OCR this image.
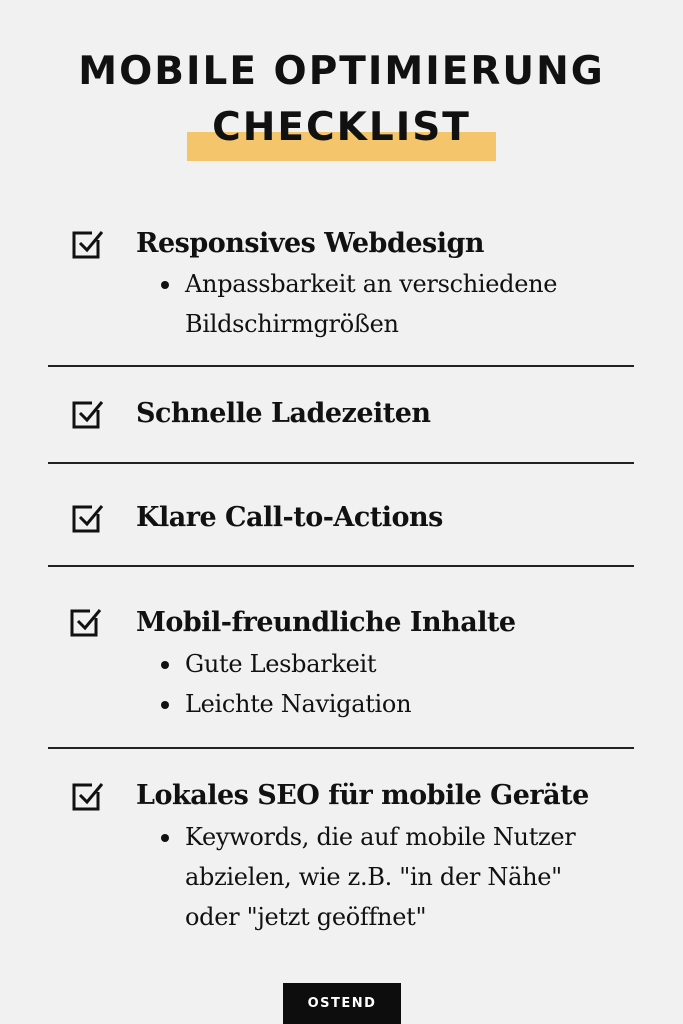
MOBILE OPTIMIERUNG
CHECKLIST
Responsives Webdesign
Anpassbarkeit an verschiedene
Bildschirmgrößen
Schnelle Ladezeiten
Klare Call-to-Actions
Mobil-freundliche Inhalte
Gute Lesbarkeit
Leichte Navigation
Lokales SEO für mobile Geräte
Keywords, die auf mobile Nutzer
abzielen, wie z.B. "in der Nähe"
oder "jetzt geöffnet"
OSTEND
